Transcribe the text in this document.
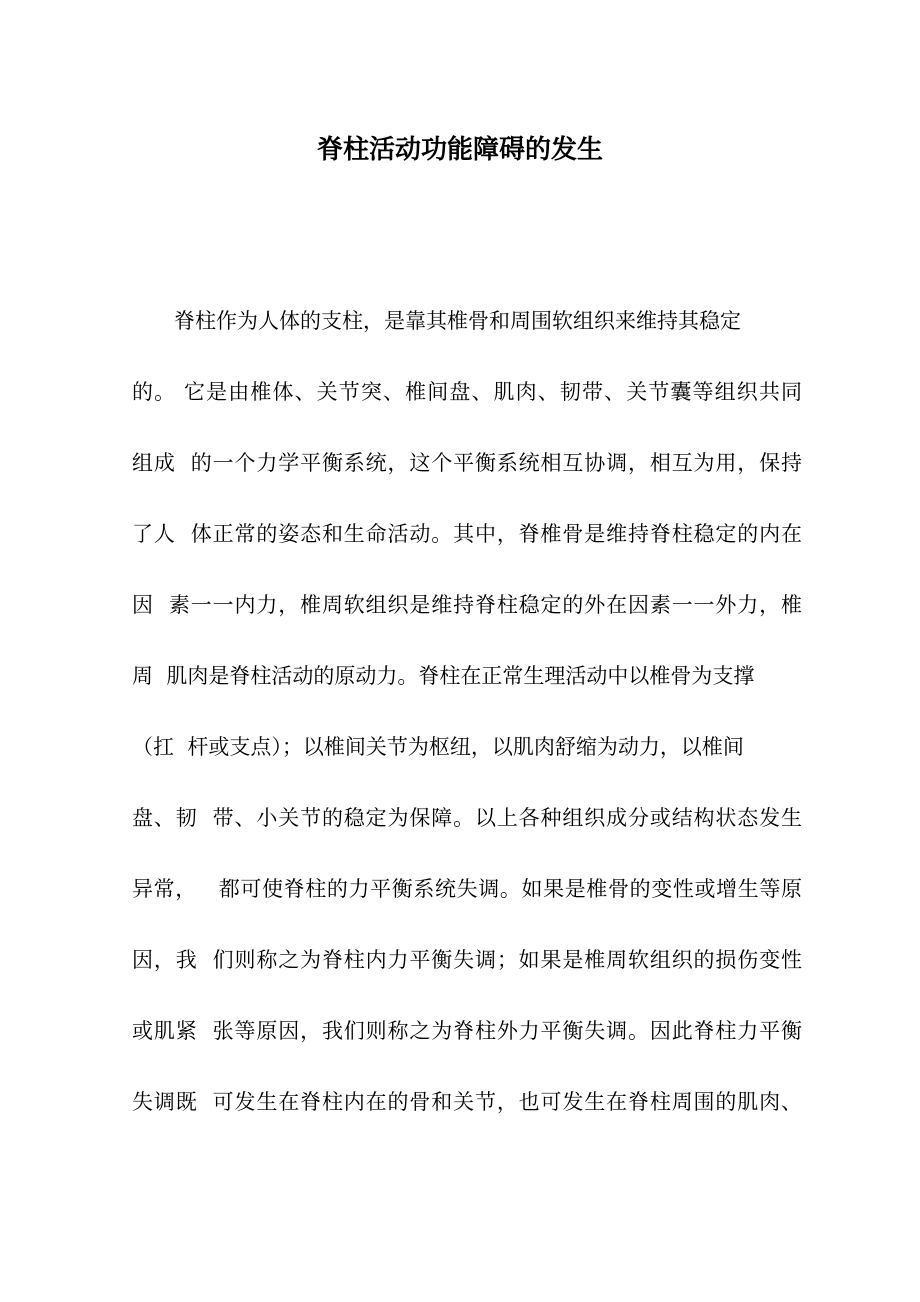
脊柱活动功能障碍的发生
脊柱作为人体的支柱，是靠其椎骨和周围软组织来维持其稳定
的。 它是由椎体、关节突、椎间盘、肌肉、韧带、关节囊等组织共同
组成  的一个力学平衡系统，这个平衡系统相互协调，相互为用，保持
了人  体正常的姿态和生命活动。其中，脊椎骨是维持脊柱稳定的内在
因  素一一内力，椎周软组织是维持脊柱稳定的外在因素一一外力，椎
周  肌肉是脊柱活动的原动力。脊柱在正常生理活动中以椎骨为支撑
（扛  杆或支点）；以椎间关节为枢纽，以肌肉舒缩为动力，以椎间
盘、韧  带、小关节的稳定为保障。以上各种组织成分或结构状态发生
异常，   都可使脊柱的力平衡系统失调。如果是椎骨的变性或增生等原
因，我  们则称之为脊柱内力平衡失调；如果是椎周软组织的损伤变性
或肌紧  张等原因，我们则称之为脊柱外力平衡失调。因此脊柱力平衡
失调既  可发生在脊柱内在的骨和关节，也可发生在脊柱周围的肌肉、
